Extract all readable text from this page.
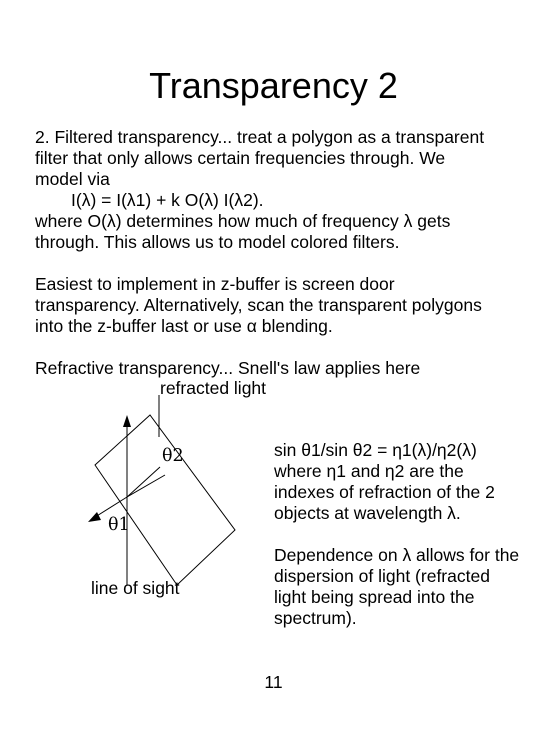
Transparency 2
2. Filtered transparency... treat a polygon as a transparent
filter that only allows certain frequencies through. We
model via
I(λ) = I(λ1) + k O(λ) I(λ2).
where O(λ) determines how much of frequency λ gets
through. This allows us to model colored filters.
Easiest to implement in z-buffer is screen door
transparency. Alternatively, scan the transparent polygons
into the z-buffer last or use α blending.
Refractive transparency... Snell's law applies here
refracted light
θ2
θ1
line of sight
sin θ1/sin θ2 = η1(λ)/η2(λ)
where η1 and η2 are the
indexes of refraction of the 2
objects at wavelength λ.
Dependence on λ allows for the
dispersion of light (refracted
light being spread into the
spectrum).
11
